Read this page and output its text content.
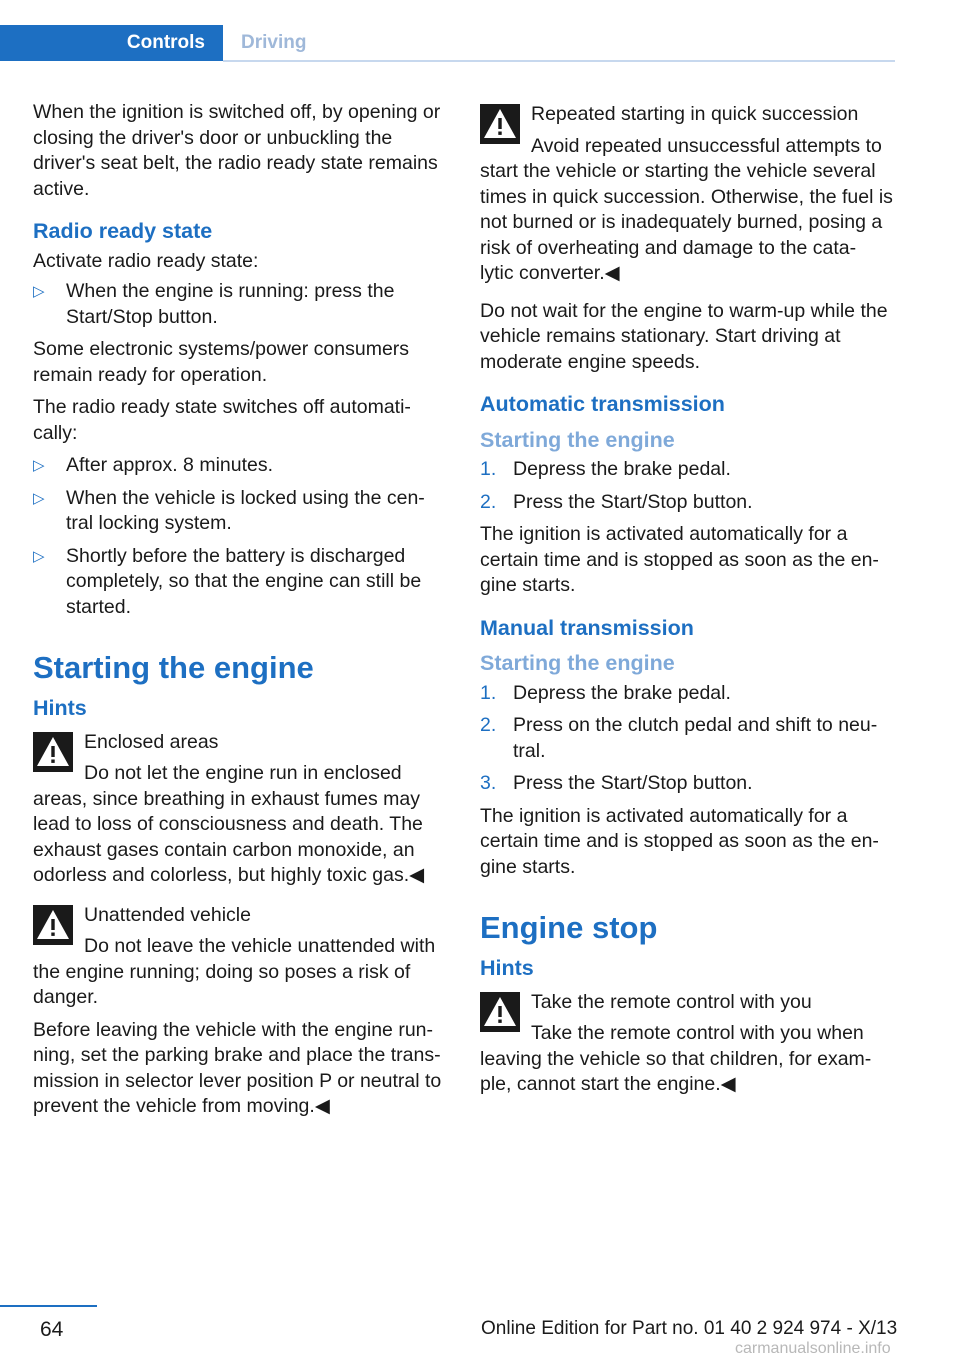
Controls	Driving

When the ignition is switched off, by opening or closing the driver's door or unbuckling the driver's seat belt, the radio ready state remains active.

Radio ready state

Activate radio ready state:

▷ When the engine is running: press the Start/Stop button.

Some electronic systems/power consumers remain ready for operation.

The radio ready state switches off automati‐ cally:

▷ After approx. 8 minutes.
▷ When the vehicle is locked using the cen‐ tral locking system.
▷ Shortly before the battery is discharged completely, so that the engine can still be started.
Starting the engine
Hints
Enclosed areas
Do not let the engine run in enclosed areas, since breathing in exhaust fumes may lead to loss of consciousness and death. The exhaust gases contain carbon monoxide, an odorless and colorless, but highly toxic gas.◀
Unattended vehicle
Do not leave the vehicle unattended with the engine running; doing so poses a risk of danger.

Before leaving the vehicle with the engine run‐ ning, set the parking brake and place the trans‐ mission in selector lever position P or neutral to prevent the vehicle from moving.◀

Repeated starting in quick succession
Avoid repeated unsuccessful attempts to start the vehicle or starting the vehicle several times in quick succession. Otherwise, the fuel is not burned or is inadequately burned, posing a risk of overheating and damage to the cata‐ lytic converter.◀

Do not wait for the engine to warm-up while the vehicle remains stationary. Start driving at moderate engine speeds.

Automatic transmission
Starting the engine
1. Depress the brake pedal.
2. Press the Start/Stop button.

The ignition is activated automatically for a certain time and is stopped as soon as the en‐ gine starts.

Manual transmission
Starting the engine
1. Depress the brake pedal.
2. Press on the clutch pedal and shift to neu‐ tral.
3. Press the Start/Stop button.

The ignition is activated automatically for a certain time and is stopped as soon as the en‐ gine starts.

Engine stop
Hints
Take the remote control with you
Take the remote control with you when leaving the vehicle so that children, for exam‐ ple, cannot start the engine.◀
64	Online Edition for Part no. 01 40 2 924 974 - X/13
carmanualsonline.info
